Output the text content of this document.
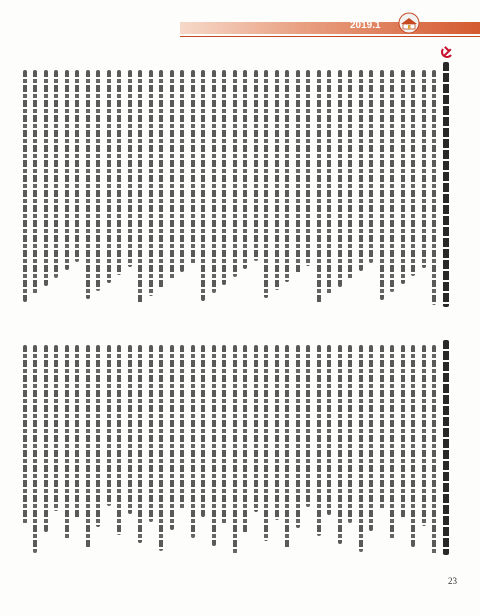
2019.1
23
